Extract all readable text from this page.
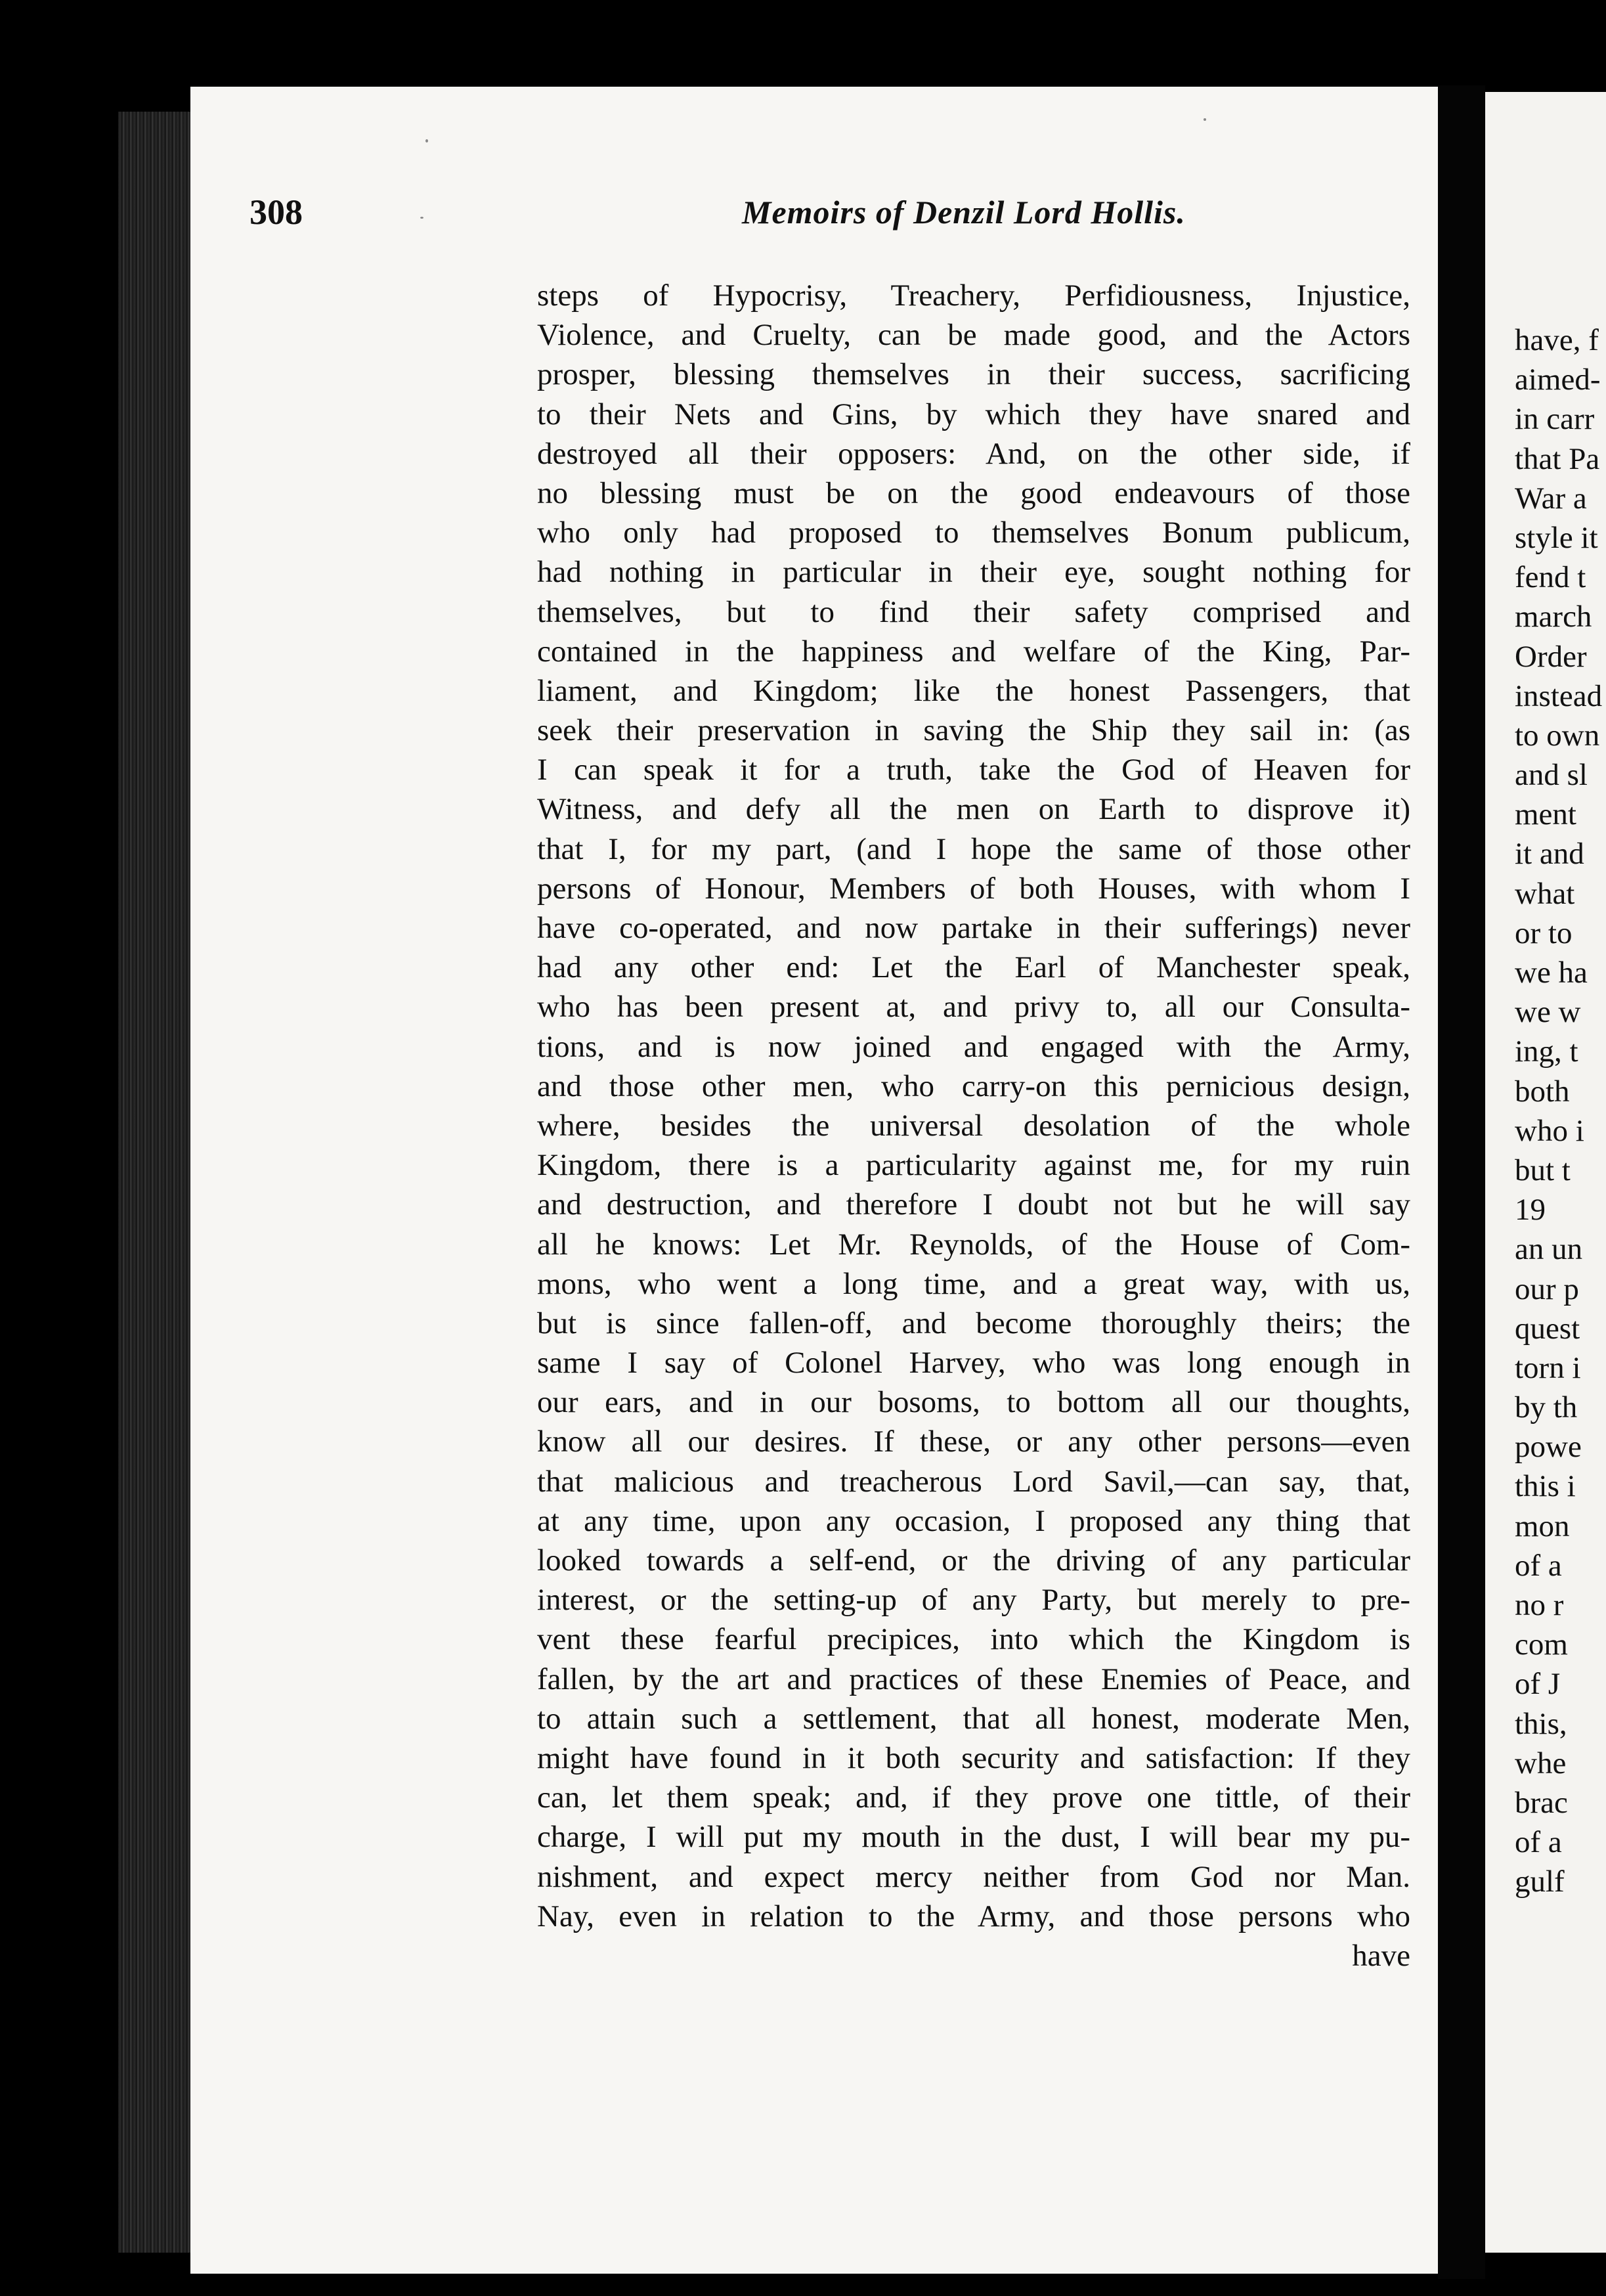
have, f
aimed-
in carr
that Pa
War a
style it
fend t
march
Order
instead
to own
and sl
ment
it and
what
or to
we ha
we w
ing, t
both
who i
but t
19
an un
our p
quest
torn i
by th
powe
this i
mon
of a
no r
com
of J
this,
whe
brac
of a
gulf
308	Memoirs of Denzil Lord Hollis.
steps of Hypocrisy, Treachery, Perfidiousness, Injustice,
Violence, and Cruelty, can be made good, and the Actors
prosper, blessing themselves in their success, sacrificing
to their Nets and Gins, by which they have snared and
destroyed all their opposers: And, on the other side, if
no blessing must be on the good endeavours of those
who only had proposed to themselves Bonum publicum,
had nothing in particular in their eye, sought nothing for
themselves, but to find their safety comprised and
contained in the happiness and welfare of the King, Par-
liament, and Kingdom; like the honest Passengers, that
seek their preservation in saving the Ship they sail in: (as
I can speak it for a truth, take the God of Heaven for
Witness, and defy all the men on Earth to disprove it)
that I, for my part, (and I hope the same of those other
persons of Honour, Members of both Houses, with whom I
have co-operated, and now partake in their sufferings) never
had any other end: Let the Earl of Manchester speak,
who has been present at, and privy to, all our Consulta-
tions, and is now joined and engaged with the Army,
and those other men, who carry-on this pernicious design,
where, besides the universal desolation of the whole
Kingdom, there is a particularity against me, for my ruin
and destruction, and therefore I doubt not but he will say
all he knows: Let Mr. Reynolds, of the House of Com-
mons, who went a long time, and a great way, with us,
but is since fallen-off, and become thoroughly theirs; the
same I say of Colonel Harvey, who was long enough in
our ears, and in our bosoms, to bottom all our thoughts,
know all our desires. If these, or any other persons—even
that malicious and treacherous Lord Savil,—can say, that,
at any time, upon any occasion, I proposed any thing that
looked towards a self-end, or the driving of any particular
interest, or the setting-up of any Party, but merely to pre-
vent these fearful precipices, into which the Kingdom is
fallen, by the art and practices of these Enemies of Peace, and
to attain such a settlement, that all honest, moderate Men,
might have found in it both security and satisfaction: If they
can, let them speak; and, if they prove one tittle, of their
charge, I will put my mouth in the dust, I will bear my pu-
nishment, and expect mercy neither from God nor Man.
Nay, even in relation to the Army, and those persons who
have
